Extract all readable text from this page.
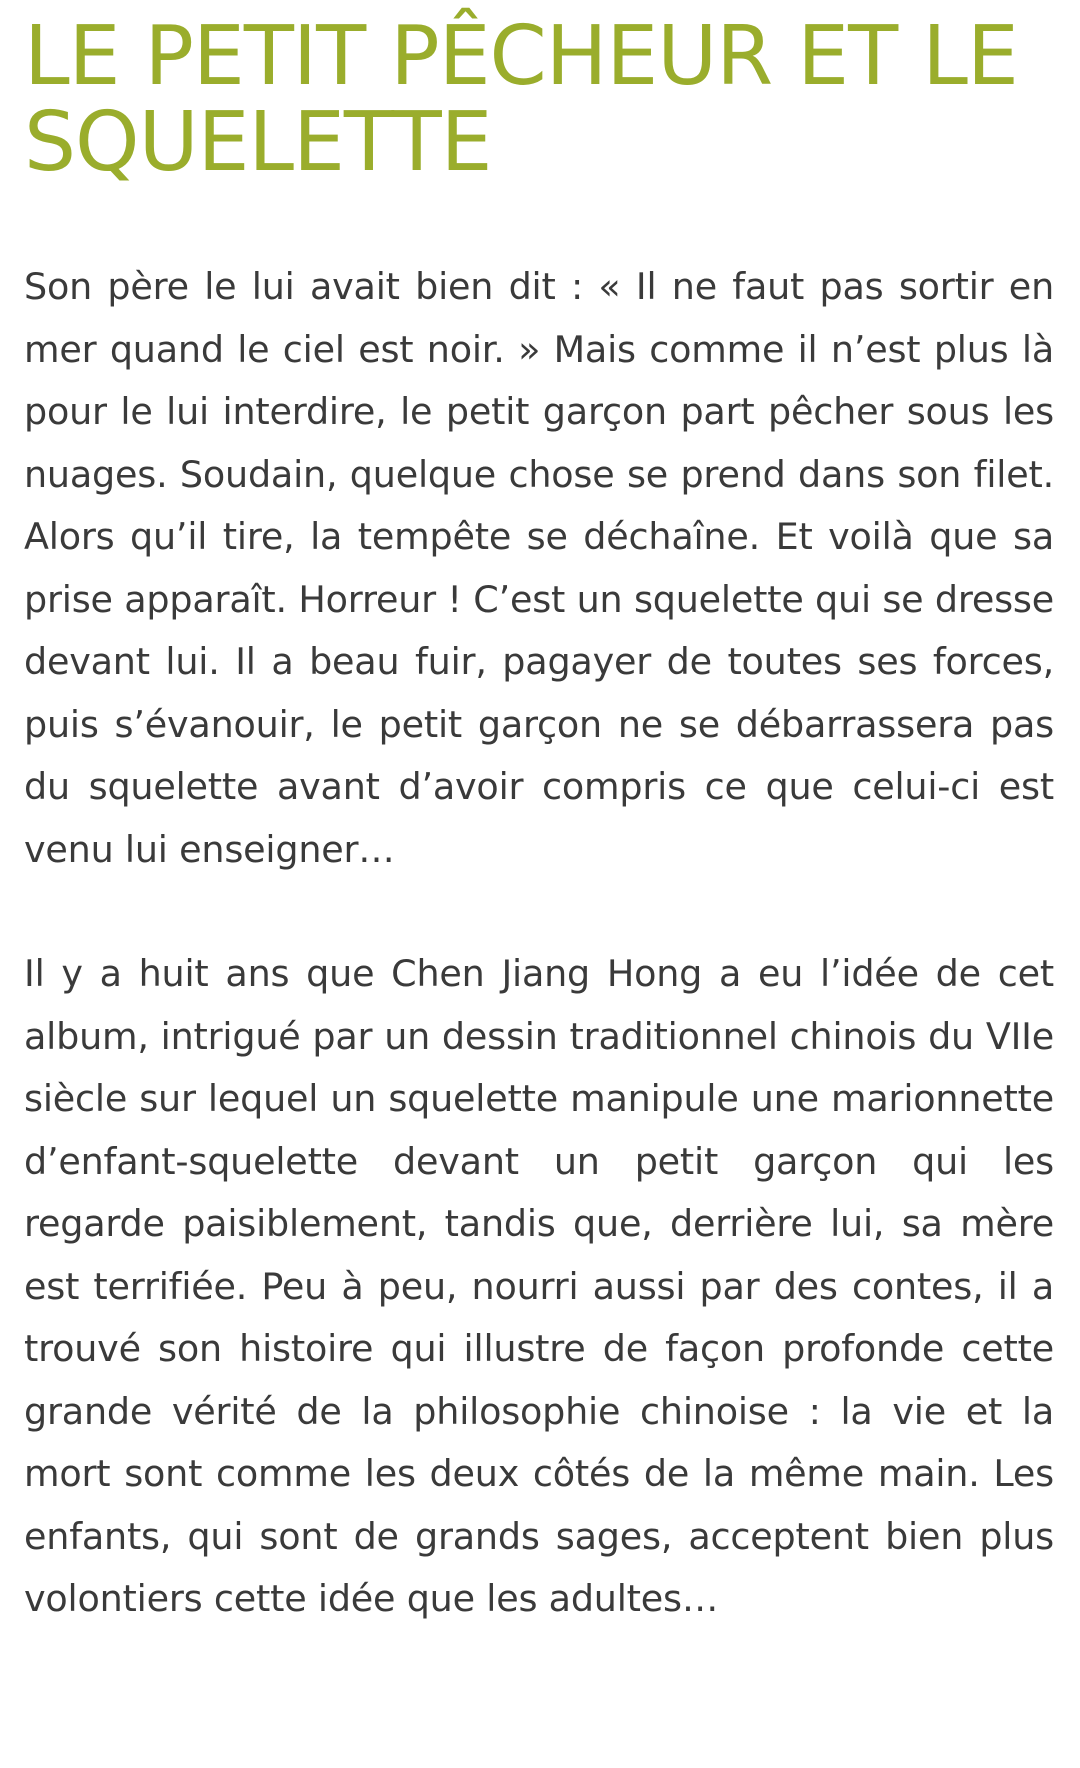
LE PETIT PÊCHEUR ET LE SQUELETTE

Son père le lui avait bien dit : « Il ne faut pas sortir en mer quand le ciel est noir. » Mais comme il n’est plus là pour le lui interdire, le petit garçon part pêcher sous les nuages. Soudain, quelque chose se prend dans son filet. Alors qu’il tire, la tempête se déchaîne. Et voilà que sa prise apparaît. Horreur ! C’est un squelette qui se dresse devant lui. Il a beau fuir, pagayer de toutes ses forces, puis s’évanouir, le petit garçon ne se débarrassera pas du squelette avant d’avoir compris ce que celui-ci est venu lui enseigner…

Il y a huit ans que Chen Jiang Hong a eu l’idée de cet album, intrigué par un dessin traditionnel chinois du VIIe siècle sur lequel un squelette manipule une marionnette d’enfant-squelette devant un petit garçon qui les regarde paisiblement, tandis que, derrière lui, sa mère est terrifiée. Peu à peu, nourri aussi par des contes, il a trouvé son histoire qui illustre de façon profonde cette grande vérité de la philosophie chinoise : la vie et la mort sont comme les deux côtés de la même main. Les enfants, qui sont de grands sages, acceptent bien plus volontiers cette idée que les adultes…
